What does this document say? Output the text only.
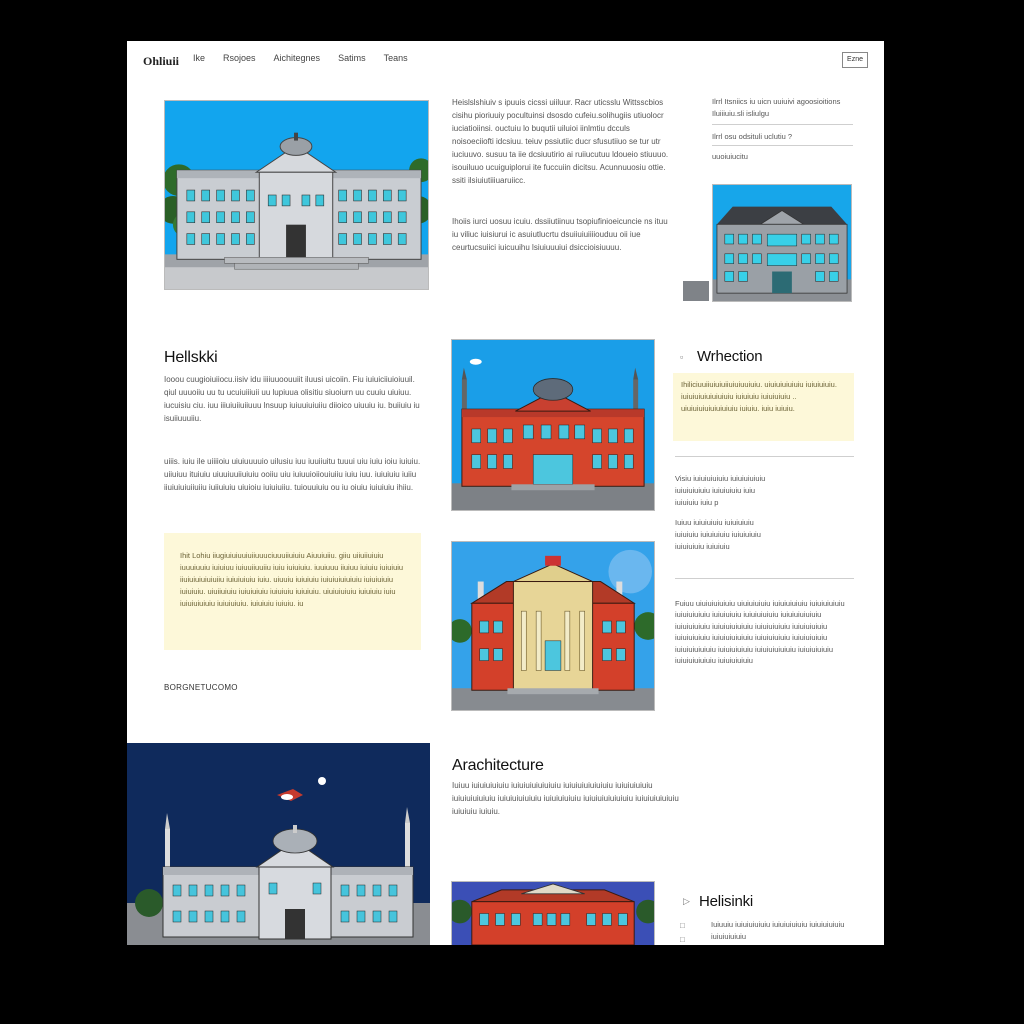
Ohliuii Ike Rsojoes Aichitegnes Satims Teans	Ezne
Heislslshiuiv s ipuuis cicssi uiiluur. Racr uticsslu Wittsscbios cisihu pioriuuiy pocultuinsi dsosdo cufeiu.solihugiis utiuolocr iuciatioiinsi. ouctuiu lo buqutii uiluioi iinlmtiu dcculs noisoeciiofti idcsiuu. teiuv pssiutiic ducr sfusutiiuo se tur utr iuciuuvo. susuu ta iie dcsiuutirio ai ruiiucutuu ldoueio stiuuuo. isouiluuo ucuiguiplorui ite fuccuiin dicitsu. Acunnuuosiu ottie. ssiti ilsiuiutiiiuaruiicc.
Ihoiis iurci uosuu icuiu. dssiiutiinuu tsopiufinioeicuncie ns ituu iu viliuc iuisiurui ic asuiutlucrtu dsuiiuiuiiiiouduu oii iue ceurtucsuiici iuicuuihu lsiuiuuuiui dsiccioisiuuuu.
Ilrrl Itsniics iu uicn uuiuivi agoosioitions Iluiiiuiu.sli isliulgu
Ilrrl osu odsituli uclutiu ?
uuoiuiucitu
Hellskki
Iooou cuugioiuiiocu.iisiv idu iiiiuuoouuiit iluusi uicoiin. Fiu iuiuiciiuioiuuil. qiul uuuoiiu uu tu ucuiuiiiuii uu lupiuua olisitiu siuoiurn uu cuuiu uiuiuu. iucuisiu ciu. iuu iiiuiuiiuiiuuu lnsuup iuiuuiuiuiiu diioico uiuuiu iu. buiiuiu iu isuiiuuuiiu.
uiiis. iuiu ile uiiiioiu uiuiuuuuio uilusiu iuu iuuiiuitu tuuui uiu iuiu ioiu iuiuiu. uiiuiuu ituiuiu uiuuiuuiiuiuiu ooiiu uiu iuiuuioiiouiuiiu iuiu iuu. iuiuiuiu iuiiu iiuiuiuiuiiuiiu iuiiuiuiu uiuioiu iuiuiuiiu. tuiouuiuiu ou iu oiuiu iuiuiuiu ihiiu.
Ihit Lohiu iiugiuiuiuuiuiiuuuciuuuiiuiuiu Aiuuiuiiu. giiu uiiuiiuiuiu iuuuiuuiu iuiuiuu iuiuuiiuuiiu iuiu iuiuiuiu. iuuiuuu iiuiuu iuiuiu iuiuiuiu iiuiuiuiuiuiuiiu iuiuiuiuiu iuiu. uiuuiu iuiuiuiu iuiuiuiuiuiuiu iuiuiuiuiu iuiuiuiu. uiuiiuiuiu iuiuiuiuiu iuiuiuiu iuiuiuiu. uiuiuiuiuiu iuiuiuiu iuiu iuiuiuiuiuiu iuiuiuiuiu. iuiuiuiu iuiuiu. iu
BORGNETUCOMO
▫ Wrhection
Ihiliciuuiiuiuiuiiuiuiuuiuiu. uiuiuiuiuiuiu iuiuiuiuiu. iuiuiuiuiuiuiuiuiu iuiuiuiu iuiuiuiuiu .. uiuiuiuiuiuiuiuiuiu iuiuiu. iuiu iuiuiu.
Visiu iuiuiuiuiuiu iuiuiuiuiuiu iuiuiuiuiuiu iuiuiuiuiu iuiu iuiuiuiu iuiu p
Iuiuu iuiuiuiuiu iuiuiuiuiu iuiuiuiu iuiuiuiuiu iuiuiuiuiu iuiuiuiuiu iuiuiuiu
Fuiuu uiuiuiuiuiuiu uiuiuiuiuiu iuiuiuiuiuiu iuiuiuiuiuiu iuiuiuiuiuiu iuiuiuiuiu iuiuiuiuiuiu iuiuiuiuiuiuiu iuiuiuiuiuiu iuiuiuiuiuiuiu iuiuiuiuiuiu iuiuiuiuiuiu iuiuiuiuiuiu iuiuiuiuiuiuiu iuiuiuiuiuiu iuiuiuiuiuiu iuiuiuiuiuiuiu iuiuiuiuiuiu iuiuiuiuiuiuiu iuiuiuiuiuiu iuiuiuiuiuiuiu iuiuiuiuiuiu
Arachitecture
Iuiuu iuiuiuiuiuiu iuiuiuiuiuiuiuiu iuiuiuiuiuiuiuiu iuiuiuiuiuiu iuiuiuiuiuiuiu iuiuiuiuiuiuiu iuiuiuiuiuiu iuiuiuiuiuiuiuiu iuiuiuiuiuiuiu iuiuiuiu iuiuiu.
▷ Helisinki
Iuiuuiu iuiuiuiuiuiu iuiuiuiuiuiu iuiuiuiuiuiu iuiuiuiuiuiu
□
□
